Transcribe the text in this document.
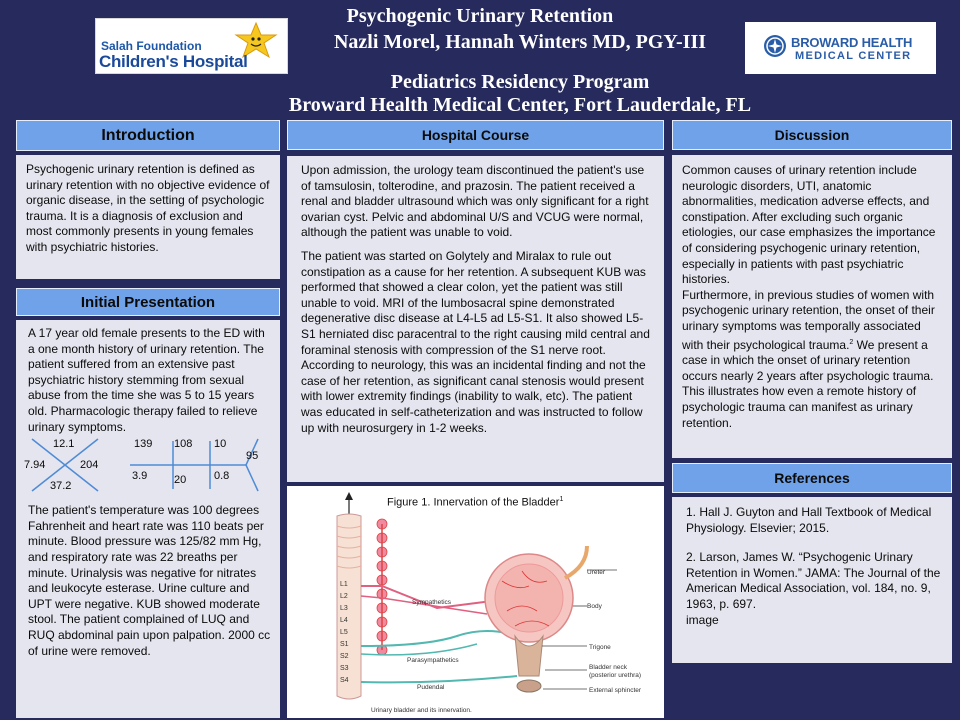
Psychogenic Urinary Retention
Nazli Morel, Hannah Winters MD, PGY-III
Pediatrics Residency Program
Broward Health Medical Center, Fort Lauderdale, FL
Salah Foundation
Children's Hospital
BROWARD HEALTH
MEDICAL CENTER
Introduction

Psychogenic urinary retention is defined as urinary retention with no objective evidence of organic disease, in the setting of psychologic trauma. It is a diagnosis of exclusion and most commonly presents in young females with psychiatric histories.

Initial Presentation

A 17 year old female presents to the ED with a one month history of urinary retention. The patient suffered from an extensive past psychiatric history stemming from sexual abuse from the time she was 5 to 15 years old. Pharmacologic therapy failed to relieve urinary symptoms.

12.1
7.94	204
37.2
139 108 10
95
3.9 20	0.8

The patient's temperature was 100 degrees Fahrenheit and heart rate was 110 beats per minute. Blood pressure was 125/82 mm Hg, and respiratory rate was 22 breaths per minute. Urinalysis was negative for nitrates and leukocyte esterase. Urine culture and UPT were negative. KUB showed moderate stool. The patient complained of LUQ and RUQ abdominal pain upon palpation. 2000 cc of urine were removed.

Hospital Course

Upon admission, the urology team discontinued the patient's use of tamsulosin, tolterodine, and prazosin. The patient received a renal and bladder ultrasound which was only significant for a right ovarian cyst. Pelvic and abdominal U/S and VCUG were normal, although the patient was unable to void.

The patient was started on Golytely and Miralax to rule out constipation as a cause for her retention. A subsequent KUB was performed that showed a clear colon, yet the patient was still unable to void. MRI of the lumbosacral spine demonstrated degenerative disc disease at L4-L5 ad L5-S1. It also showed L5-S1 herniated disc paracentral to the right causing mild central and foraminal stenosis with compression of the S1 nerve root. According to neurology, this was an incidental finding and not the case of her retention, as significant canal stenosis would present with lower extremity findings (inability to walk, etc). The patient was educated in self-catheterization and was instructed to follow up with neurosurgery in 1-2 weeks.

Figure 1. Innervation of the Bladder$^1$
L1
L2
L3
L4
L5
S1
S2
S3
S4
Sympathetics
Parasympathetics
Pudendal
Ureter
Body
Trigone
Bladder neck
(posterior urethra)
External sphincter
Urinary bladder and its innervation.
Discussion

Common causes of urinary retention include neurologic disorders, UTI, anatomic abnormalities, medication adverse effects, and constipation. After excluding such organic etiologies, our case emphasizes the importance of considering psychogenic urinary retention, especially in patients with past psychiatric histories.

Furthermore, in previous studies of women with psychogenic urinary retention, the onset of their urinary symptoms was temporally associated with their psychological trauma.$^2$ We present a case in which the onset of urinary retention occurs nearly 2 years after psychologic trauma. This illustrates how even a remote history of psychologic trauma can manifest as urinary retention.

References

1. Hall J. Guyton and Hall Textbook of Medical Physiology. Elsevier; 2015.

2. Larson, James W. “Psychogenic Urinary Retention in Women.” JAMA: The Journal of the American Medical Association, vol. 184, no. 9, 1963, p. 697.

image
